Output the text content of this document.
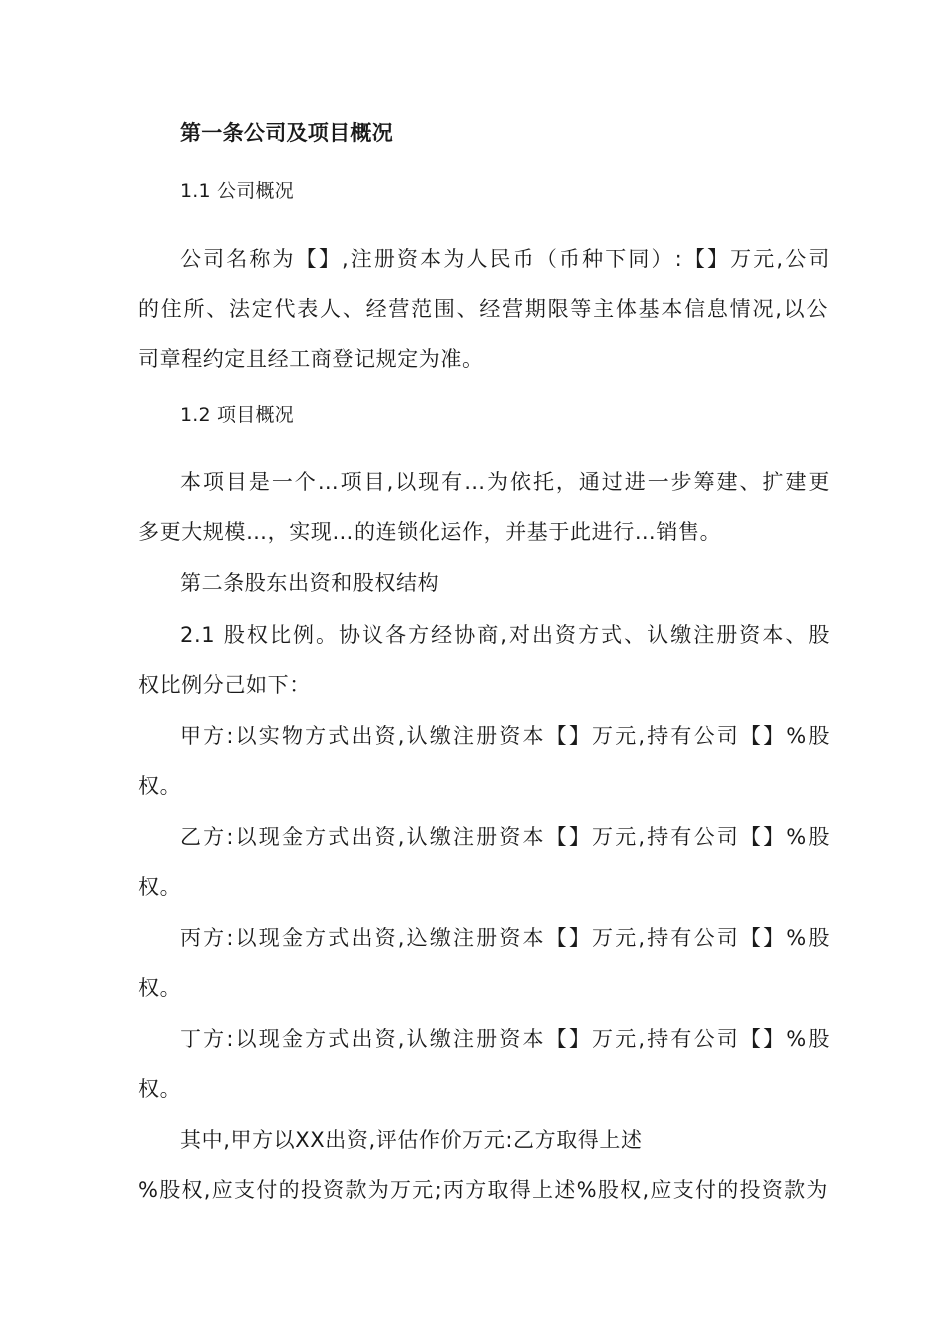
第一条公司及项目概况
1.1 公司概况
公司名称为【】,注册资本为人民币（币种下同）:【】万元,公司
的住所、法定代表人、经营范围、经营期限等主体基本信息情况,以公
司章程约定且经工商登记规定为准。
1.2 项目概况
本项目是一个…项目,以现有…为依托，通过进一步筹建、扩建更
多更大规模…，实现…的连锁化运作，并基于此进行…销售。
第二条股东出资和股权结构
2.1 股权比例。协议各方经协商,对出资方式、认缴注册资本、股
权比例分己如下：
甲方:以实物方式出资,认缴注册资本【】万元,持有公司【】%股
权。
乙方:以现金方式出资,认缴注册资本【】万元,持有公司【】%股
权。
丙方:以现金方式出资,込缴注册资本【】万元,持有公司【】%股
权。
丁方:以现金方式出资,认缴注册资本【】万元,持有公司【】%股
权。
其中,甲方以XX出资,评估作价万元:乙方取得上述
%股权,应支付的投资款为万元;丙方取得上述%股权,应支付的投资款为
